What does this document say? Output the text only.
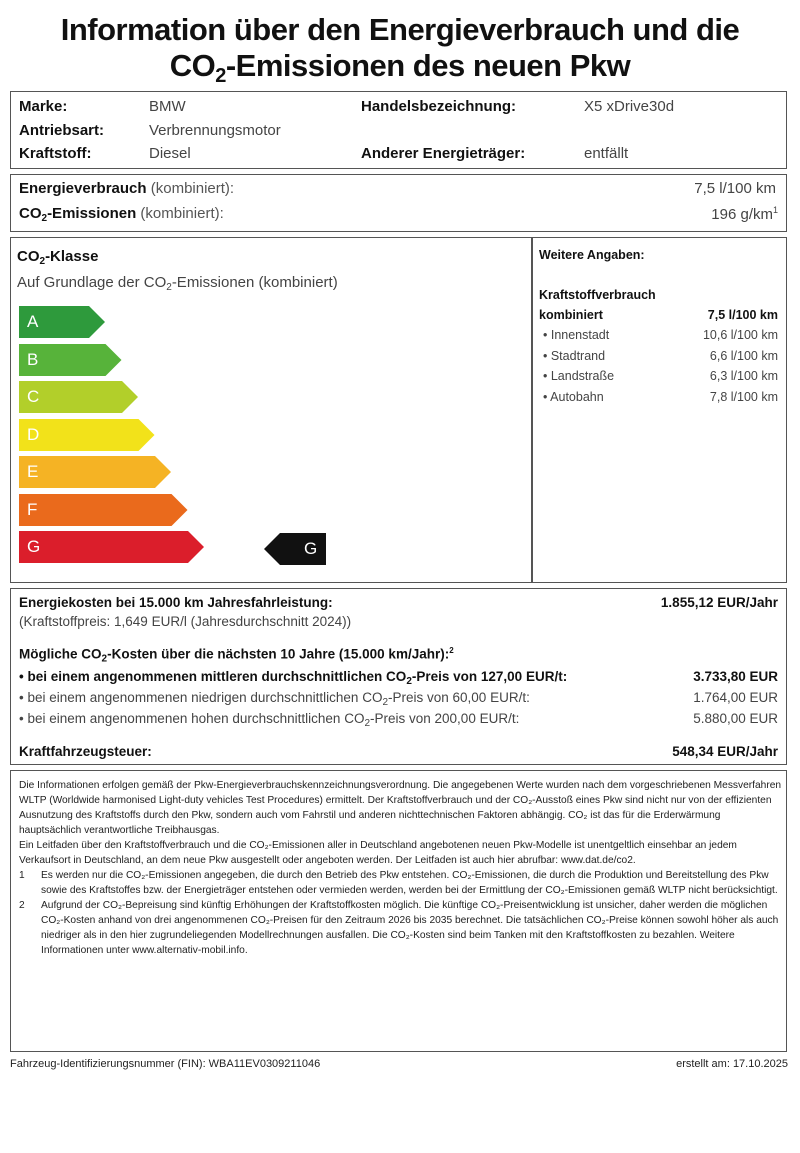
Information über den Energieverbrauch und die
$CO_2$-Emissionen des neuen Pkw
Marke:	BMW
Antriebsart:	Verbrennungsmotor
Kraftstoff:	Diesel
Handelsbezeichnung:	X5 xDrive30d
Anderer Energieträger:	entfällt
Energieverbrauch (kombiniert):	7,5 l/100 km
$CO_2$-Emissionen (kombiniert):	196 $g/km^1$
$CO_2$-Klasse
Auf Grundlage der $CO_2$-Emissionen (kombiniert)
A
B
C
D
E
F
G	G
Weitere Angaben:
Kraftstoffverbrauch
kombiniert	7,5 l/100 km
• Innenstadt	10,6 l/100 km
• Stadtrand	6,6 l/100 km
• Landstraße	6,3 l/100 km
• Autobahn	7,8 l/100 km
Energiekosten bei 15.000 km Jahresfahrleistung:	1.855,12 EUR/Jahr
(Kraftstoffpreis: 1,649 EUR/l (Jahresdurchschnitt 2024))
Mögliche $CO_2$-Kosten über die nächsten 10 Jahre (15.000 km/Jahr):$^2$
• bei einem angenommenen mittleren durchschnittlichen $CO_2$-Preis von 127,00 EUR/t:	3.733,80 EUR
• bei einem angenommenen niedrigen durchschnittlichen $CO_2$-Preis von 60,00 EUR/t:	1.764,00 EUR
• bei einem angenommenen hohen durchschnittlichen $CO_2$-Preis von 200,00 EUR/t:	5.880,00 EUR
Kraftfahrzeugsteuer:	548,34 EUR/Jahr

Die Informationen erfolgen gemäß der Pkw-Energieverbrauchskennzeichnungsverordnung. Die angegebenen Werte wurden nach dem vorgeschriebenen Messverfahren WLTP (Worldwide harmonised Light-duty vehicles Test Procedures) ermittelt. Der Kraftstoffverbrauch und der CO₂-Ausstoß eines Pkw sind nicht nur von der effizienten Ausnutzung des Kraftstoffs durch den Pkw, sondern auch vom Fahrstil und anderen nichttechnischen Faktoren abhängig. CO₂ ist das für die Erderwärmung hauptsächlich verantwortliche Treibhausgas.

Ein Leitfaden über den Kraftstoffverbrauch und die CO₂-Emissionen aller in Deutschland angebotenen neuen Pkw-Modelle ist unentgeltlich einsehbar an jedem Verkaufsort in Deutschland, an dem neue Pkw ausgestellt oder angeboten werden. Der Leitfaden ist auch hier abrufbar: www.dat.de/co2.

1	Es werden nur die CO₂-Emissionen angegeben, die durch den Betrieb des Pkw entstehen. CO₂-Emissionen, die durch die Produktion und Bereitstellung des Pkw sowie des Kraftstoffes bzw. der Energieträger entstehen oder vermieden werden, werden bei der Ermittlung der CO₂-Emissionen gemäß WLTP nicht berücksichtigt.
2	Aufgrund der CO₂-Bepreisung sind künftig Erhöhungen der Kraftstoffkosten möglich. Die künftige CO₂-Preisentwicklung ist unsicher, daher werden die möglichen CO₂-Kosten anhand von drei angenommenen CO₂-Preisen für den Zeitraum 2026 bis 2035 berechnet. Die tatsächlichen CO₂-Preise können sowohl höher als auch niedriger als in den hier zugrundeliegenden Modellrechnungen ausfallen. Die CO₂-Kosten sind beim Tanken mit den Kraftstoffkosten zu bezahlen. Weitere Informationen unter www.alternativ-mobil.info.
Fahrzeug-Identifizierungsnummer (FIN): WBA11EV0309211046	erstellt am: 17.10.2025
